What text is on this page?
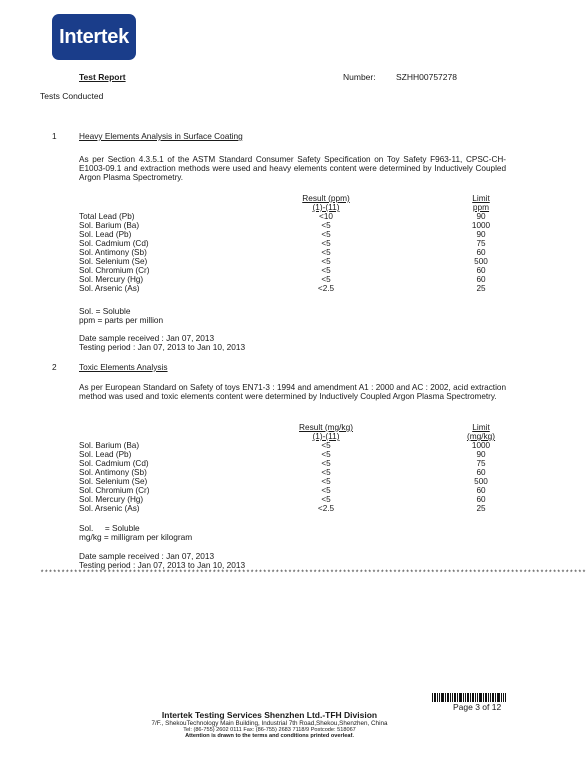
Intertek
Test Report	Number: SZHH00757278
Tests Conducted
1	Heavy Elements Analysis in Surface Coating
As per Section 4.3.5.1 of the ASTM Standard Consumer Safety Specification on Toy Safety F963-11, CPSC-CH-E1003-09.1 and extraction methods were used and heavy elements content were determined by Inductively Coupled Argon Plasma Spectrometry.
Result (ppm)
(1)-(11)
Limit
ppm
Total Lead (Pb)	<10	90
Sol. Barium (Ba)	<5	1000
Sol. Lead (Pb)	<5	90
Sol. Cadmium (Cd)	<5	75
Sol. Antimony (Sb)	<5	60
Sol. Selenium (Se)	<5	500
Sol. Chromium (Cr)	<5	60
Sol. Mercury (Hg)	<5	60
Sol. Arsenic (As)	<2.5	25
Sol. = Soluble
ppm = parts per million
Date sample received : Jan 07, 2013
Testing period : Jan 07, 2013 to Jan 10, 2013
2	Toxic Elements Analysis
As per European Standard on Safety of toys EN71-3 : 1994 and amendment A1 : 2000 and AC : 2002, acid extraction method was used and toxic elements content were determined by Inductively Coupled Argon Plasma Spectrometry.
Result (mg/kg)
(1)-(11)
Limit
(mg/kg)
Sol. Barium (Ba)	<5	1000
Sol. Lead (Pb)	<5	90
Sol. Cadmium (Cd)	<5	75
Sol. Antimony (Sb)	<5	60
Sol. Selenium (Se)	<5	500
Sol. Chromium (Cr)	<5	60
Sol. Mercury (Hg)	<5	60
Sol. Arsenic (As)	<2.5	25
Sol.     = Soluble
mg/kg = milligram per kilogram
Date sample received : Jan 07, 2013
Testing period : Jan 07, 2013 to Jan 10, 2013
**********************************************************************************************************************************
Page 3 of 12
Intertek Testing Services Shenzhen Ltd.-TFH Division
7/F., ShekouTechnology Main Building, Industrial 7th Road,Shekou,Shenzhen, China
Tel: (86-755) 2602 0111 Fax: (86-755) 2683 7118/9 Postcode: 518067
Attention is drawn to the terms and conditions printed overleaf.
